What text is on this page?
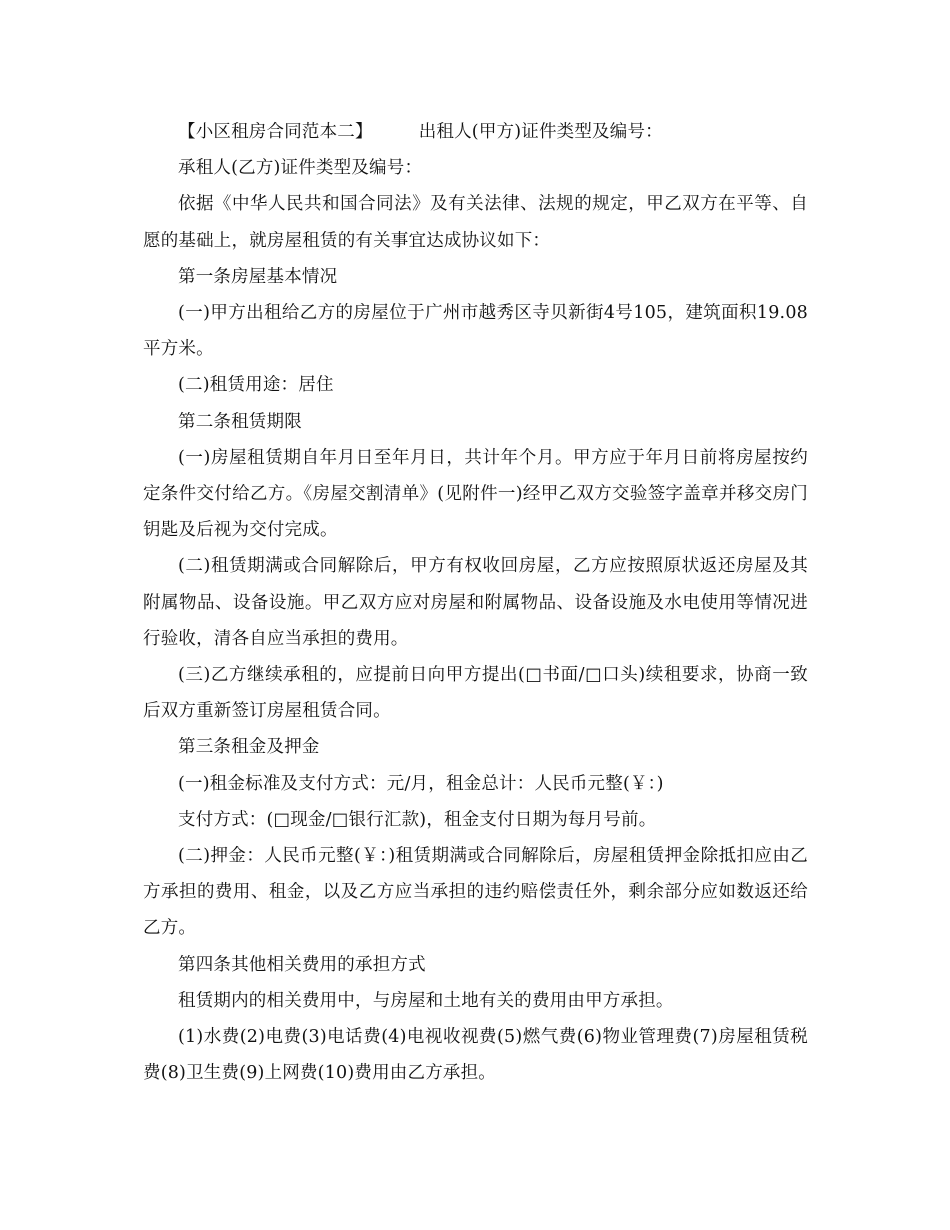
【小区租房合同范本二】	出租人(甲方)证件类型及编号：

承租人(乙方)证件类型及编号：

依据《中华人民共和国合同法》及有关法律、法规的规定，甲乙双方在平等、自愿的基础上，就房屋租赁的有关事宜达成协议如下：

第一条房屋基本情况

(一)甲方出租给乙方的房屋位于广州市越秀区寺贝新街4号105，建筑面积19.08平方米。

(二)租赁用途：居住

第二条租赁期限

(一)房屋租赁期自年月日至年月日，共计年个月。甲方应于年月日前将房屋按约定条件交付给乙方。《房屋交割清单》(见附件一)经甲乙双方交验签字盖章并移交房门钥匙及后视为交付完成。

(二)租赁期满或合同解除后，甲方有权收回房屋，乙方应按照原状返还房屋及其附属物品、设备设施。甲乙双方应对房屋和附属物品、设备设施及水电使用等情况进行验收，清各自应当承担的费用。

(三)乙方继续承租的，应提前日向甲方提出(□书面/□口头)续租要求，协商一致后双方重新签订房屋租赁合同。

第三条租金及押金

(一)租金标准及支付方式：元/月，租金总计：人民币元整(￥：)

支付方式：(□现金/□银行汇款)，租金支付日期为每月号前。

(二)押金：人民币元整(￥：)租赁期满或合同解除后，房屋租赁押金除抵扣应由乙方承担的费用、租金，以及乙方应当承担的违约赔偿责任外，剩余部分应如数返还给乙方。

第四条其他相关费用的承担方式

租赁期内的相关费用中，与房屋和土地有关的费用由甲方承担。

(1)水费(2)电费(3)电话费(4)电视收视费(5)燃气费(6)物业管理费(7)房屋租赁税费(8)卫生费(9)上网费(10)费用由乙方承担。
